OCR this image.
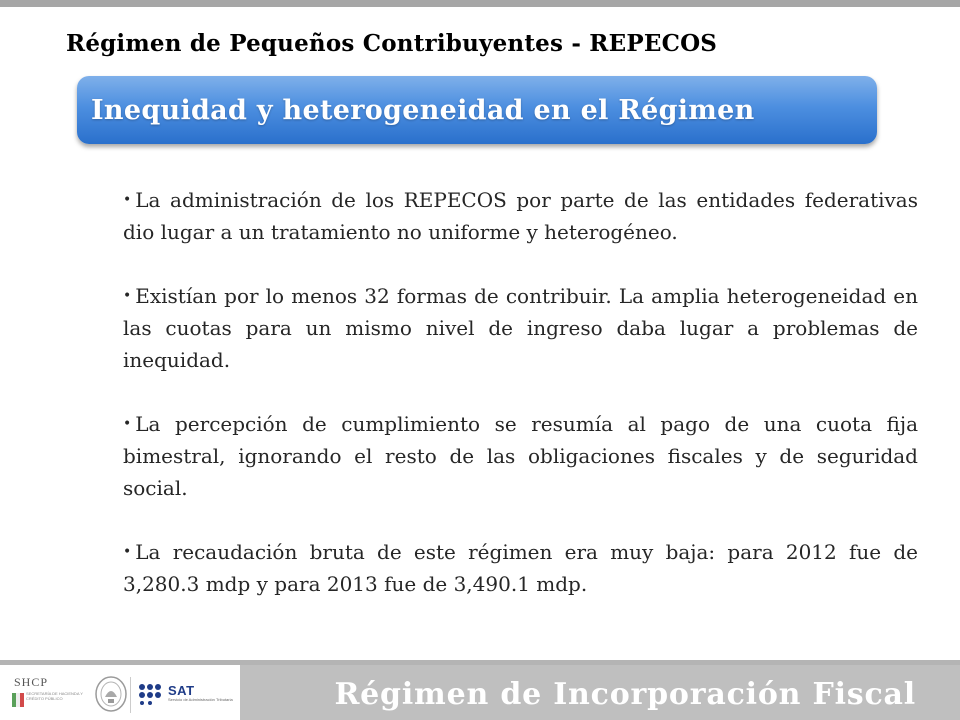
Régimen de Pequeños Contribuyentes - REPECOS
Inequidad y heterogeneidad en el Régimen
• La administración de los REPECOS por parte de las entidades federativas dio lugar a un tratamiento no uniforme y heterogéneo.
• Existían por lo menos 32 formas de contribuir. La amplia heterogeneidad en las cuotas para un mismo nivel de ingreso daba lugar a problemas de inequidad.
• La percepción de cumplimiento se resumía al pago de una cuota fija bimestral, ignorando el resto de las obligaciones fiscales y de seguridad social.
• La recaudación bruta de este régimen era muy baja: para 2012 fue de 3,280.3 mdp y para 2013 fue de 3,490.1 mdp.
SHCP
SECRETARÍA DE HACIENDA Y CRÉDITO PÚBLICO
SAT
Servicio de Administración Tributaria	Régimen de Incorporación Fiscal
